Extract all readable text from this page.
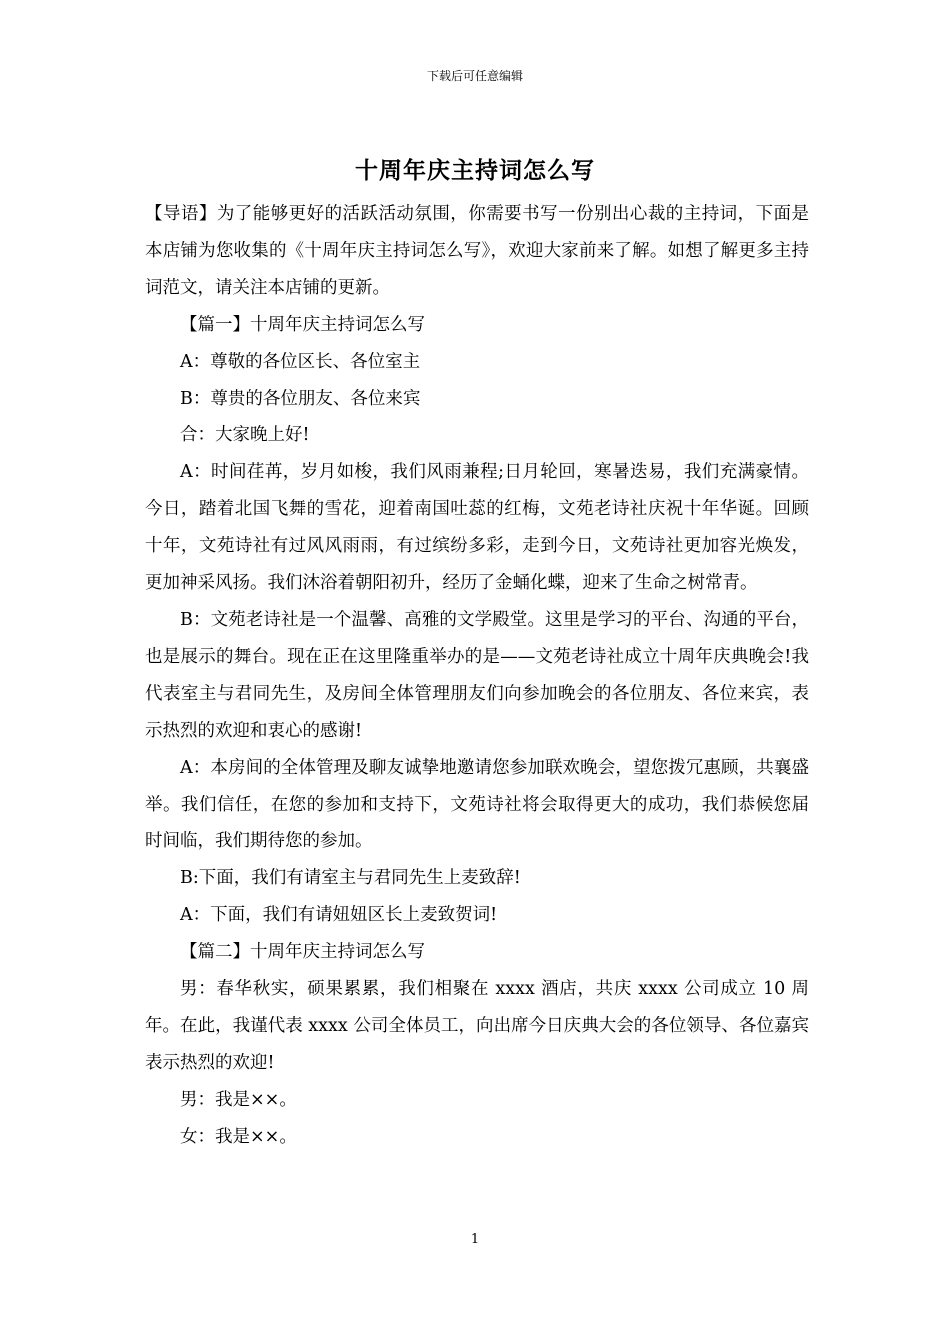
下载后可任意编辑
十周年庆主持词怎么写

【导语】为了能够更好的活跃活动氛围，你需要书写一份别出心裁的主持词，下面是本店铺为您收集的《十周年庆主持词怎么写》，欢迎大家前来了解。如想了解更多主持词范文，请关注本店铺的更新。

【篇一】十周年庆主持词怎么写

A：尊敬的各位区长、各位室主

B：尊贵的各位朋友、各位来宾

合：大家晚上好!

A：时间荏苒，岁月如梭，我们风雨兼程;日月轮回，寒暑迭易，我们充满豪情。今日，踏着北国飞舞的雪花，迎着南国吐蕊的红梅，文苑老诗社庆祝十年华诞。回顾十年，文苑诗社有过风风雨雨，有过缤纷多彩，走到今日，文苑诗社更加容光焕发，更加神采风扬。我们沐浴着朝阳初升，经历了金蛹化蝶，迎来了生命之树常青。

B：文苑老诗社是一个温馨、高雅的文学殿堂。这里是学习的平台、沟通的平台，也是展示的舞台。现在正在这里隆重举办的是——文苑老诗社成立十周年庆典晚会!我代表室主与君同先生，及房间全体管理朋友们向参加晚会的各位朋友、各位来宾，表示热烈的欢迎和衷心的感谢!

A：本房间的全体管理及聊友诚挚地邀请您参加联欢晚会，望您拨冗惠顾，共襄盛举。我们信任，在您的参加和支持下，文苑诗社将会取得更大的成功，我们恭候您届时间临，我们期待您的参加。

B:下面，我们有请室主与君同先生上麦致辞!

A：下面，我们有请妞妞区长上麦致贺词!

【篇二】十周年庆主持词怎么写

男：春华秋实，硕果累累，我们相聚在 xxxx 酒店，共庆 xxxx 公司成立 10 周年。在此，我谨代表 xxxx 公司全体员工，向出席今日庆典大会的各位领导、各位嘉宾表示热烈的欢迎!

男：我是××。

女：我是××。

1
